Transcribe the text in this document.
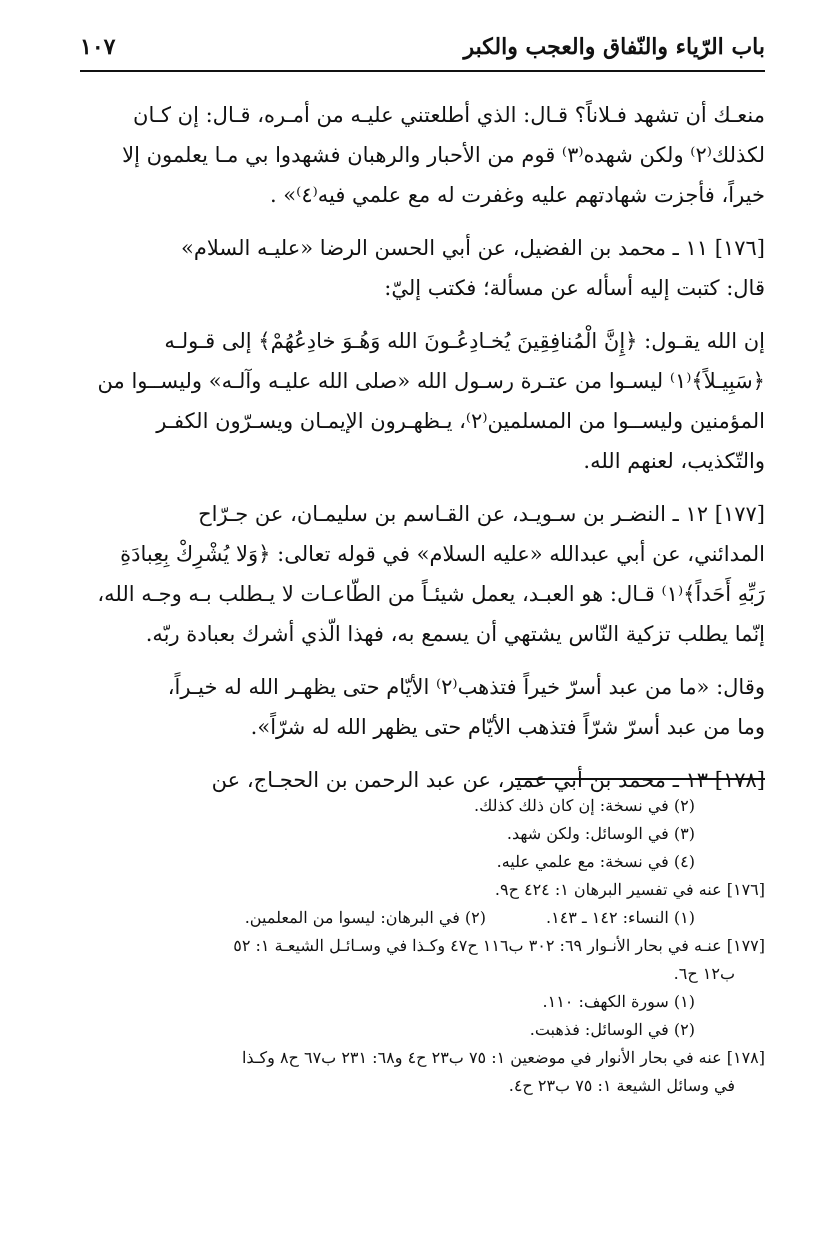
باب الرّياء والنّفاق والعجب والكبر
١٠٧

منعـك أن تشهد فـلاناً؟ قـال: الذي أطلعتني عليـه من أمـره، قـال: إن كـان
لكذلك⁽٢⁾ ولكن شهده⁽٣⁾ قوم من الأحبار والرهبان فشهدوا بي مـا يعلمون إلا
خيراً، فأجزت شهادتهم عليه وغفرت له مع علمي فيه⁽٤⁾» .

[١٧٦] ١١ ـ محمد بن الفضيل، عن أبي الحسن الرضا «عليـه السلام»
قال: كتبت إليه أسأله عن مسألة؛ فكتب إليّ:

إن الله يقـول: ﴿إِنَّ الْمُنافِقِينَ يُخـادِعُـونَ الله وَهُـوَ خادِعُهُمْ﴾ إلى قـولـه
﴿سَبِيـلاً﴾⁽١⁾ ليسـوا من عتـرة رسـول الله «صلى الله عليـه وآلـه» وليســوا من
المؤمنين وليســوا من المسلمين⁽٢⁾، يـظهـرون الإيمـان ويسـرّون الكفـر
والتّكذيب، لعنهم الله.

[١٧٧] ١٢ ـ النضـر بن سـويـد، عن القـاسم بن سليمـان، عن جـرّاح
المدائني، عن أبي عبدالله «عليه السلام» في قوله تعالى: ﴿وَلا يُشْرِكْ بِعِبادَةِ
رَبِّهِ أَحَداً﴾⁽١⁾ قـال: هو العبـد، يعمل شيئـاً من الطّاعـات لا يـطلب بـه وجـه الله،
إنّما يطلب تزكية النّاس يشتهي أن يسمع به، فهذا الّذي أشرك بعبادة ربّه.

وقال: «ما من عبد أسرّ خيراً فتذهب⁽٢⁾ الأيّام حتى يظهـر الله له خيـراً،
وما من عبد أسرّ شرّاً فتذهب الأيّام حتى يظهر الله له شرّاً».

[١٧٨] ١٣ ـ محمد بن أبي عمير، عن عبد الرحمن بن الحجـاج، عن

(٢) في نسخة: إن كان ذلك كذلك.
(٣) في الوسائل: ولكن شهد.
(٤) في نسخة: مع علمي عليه.
[١٧٦] عنه في تفسير البرهان ١: ٤٢٤ ح٩.
(١) النساء: ١٤٢ ـ ١٤٣.
(٢) في البرهان: ليسوا من المعلمين.
[١٧٧] عنـه في بحار الأنـوار ٦٩: ٣٠٢ ب١١٦ ح٤٧ وكـذا في وسـائـل الشيعـة ١: ٥٢
ب١٢ ح٦.
(١) سورة الكهف: ١١٠.
(٢) في الوسائل: فذهبت.
[١٧٨] عنه في بحار الأنوار في موضعين ١: ٧٥ ب٢٣ ح٤ و٦٨: ٢٣١ ب٦٧ ح٨ وكـذا
في وسائل الشيعة ١: ٧٥ ب٢٣ ح٤.
